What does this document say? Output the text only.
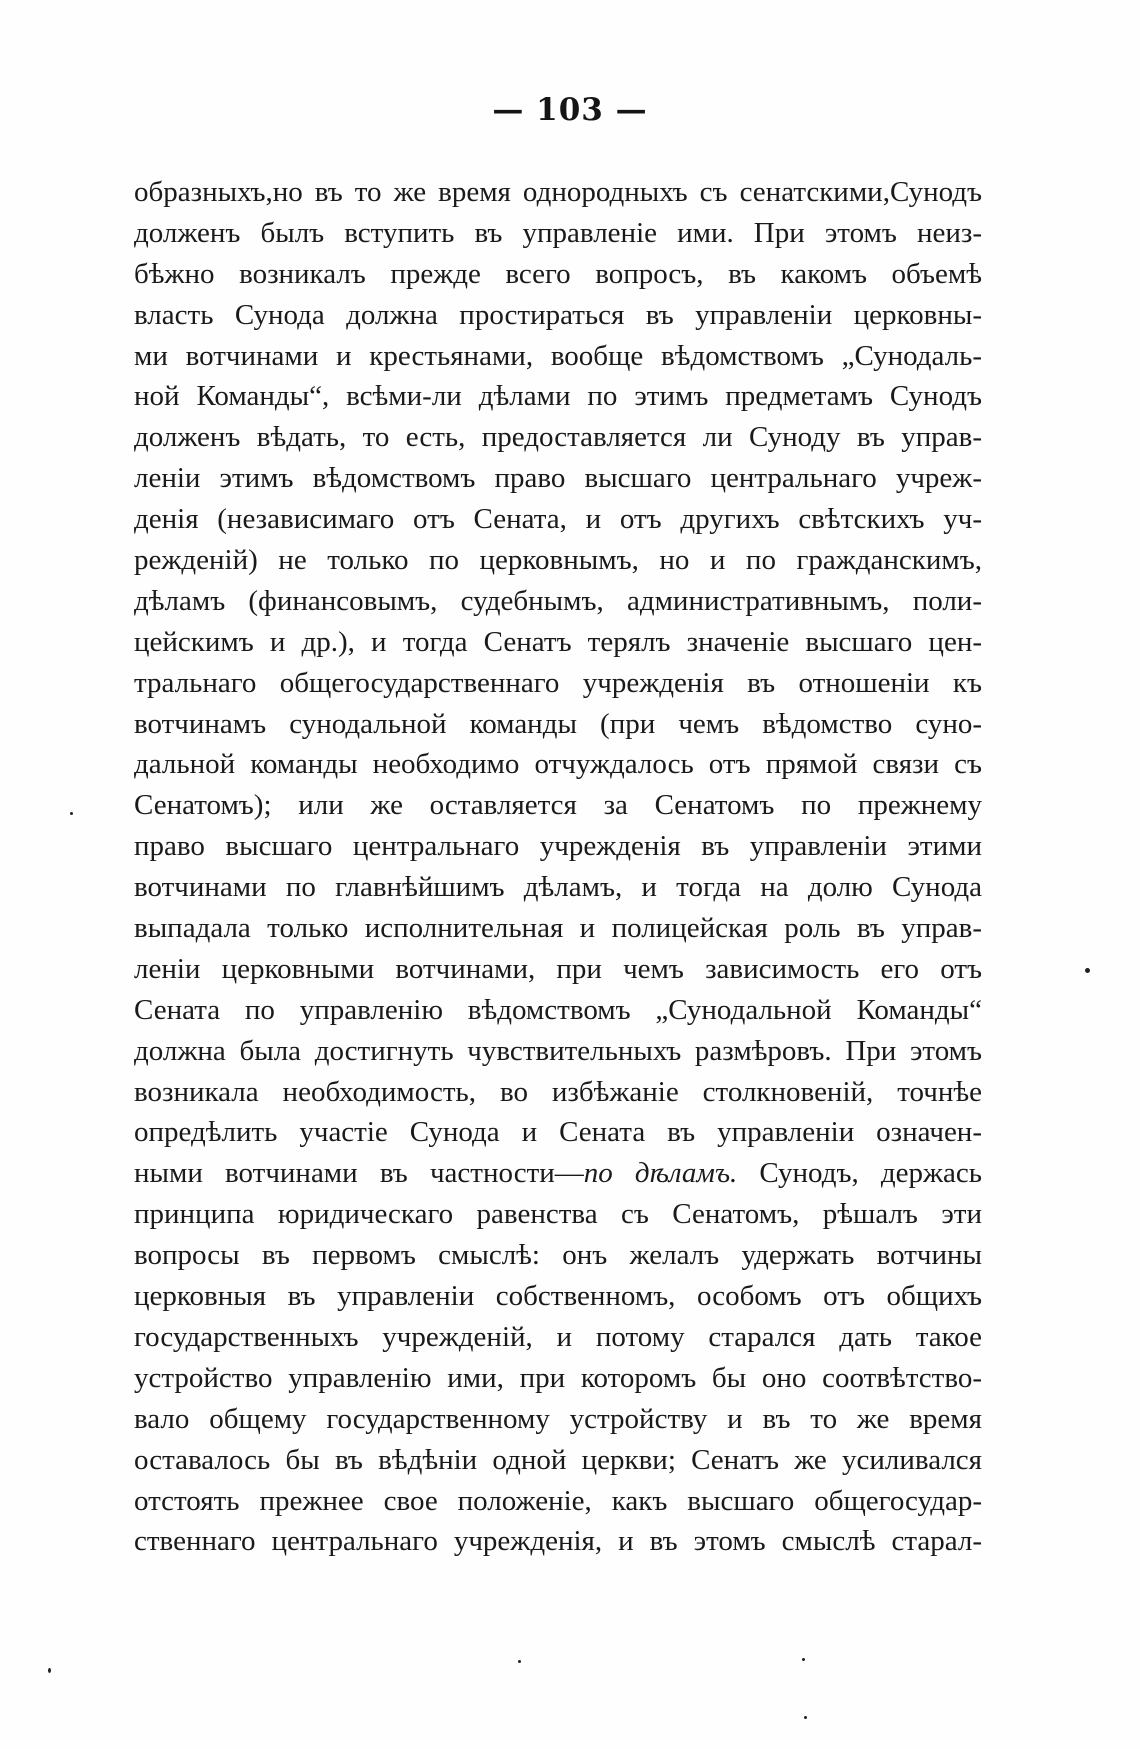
— 103 —
образныхъ,но въ то же время однородныхъ съ сенатскими,Сунодъ
долженъ былъ вступить въ управленіе ими. При этомъ неиз-
бѣжно возникалъ прежде всего вопросъ, въ какомъ объемѣ
власть Сунода должна простираться въ управленіи церковны-
ми вотчинами и крестьянами, вообще вѣдомствомъ „Сунодаль-
ной Команды“, всѣми-ли дѣлами по этимъ предметамъ Сунодъ
долженъ вѣдать, то есть, предоставляется ли Суноду въ управ-
леніи этимъ вѣдомствомъ право высшаго центральнаго учреж-
денія (независимаго отъ Сената, и отъ другихъ свѣтскихъ уч-
режденій) не только по церковнымъ, но и по гражданскимъ,
дѣламъ (финансовымъ, судебнымъ, административнымъ, поли-
цейскимъ и др.), и тогда Сенатъ терялъ значеніе высшаго цен-
тральнаго общегосударственнаго учрежденія въ отношеніи къ
вотчинамъ сунодальной команды (при чемъ вѣдомство суно-
дальной команды необходимо отчуждалось отъ прямой связи съ
Сенатомъ); или же оставляется за Сенатомъ по прежнему
право высшаго центральнаго учрежденія въ управленіи этими
вотчинами по главнѣйшимъ дѣламъ, и тогда на долю Сунода
выпадала только исполнительная и полицейская роль въ управ-
леніи церковными вотчинами, при чемъ зависимость его отъ
Сената по управленію вѣдомствомъ „Сунодальной Команды“
должна была достигнуть чувствительныхъ размѣровъ. При этомъ
возникала необходимость, во избѣжаніе столкновеній, точнѣе
опредѣлить участіе Сунода и Сената въ управленіи означен-
ными вотчинами въ частности—по дѣламъ. Сунодъ, держась
принципа юридическаго равенства съ Сенатомъ, рѣшалъ эти
вопросы въ первомъ смыслѣ: онъ желалъ удержать вотчины
церковныя въ управленіи собственномъ, особомъ отъ общихъ
государственныхъ учрежденій, и потому старался дать такое
устройство управленію ими, при которомъ бы оно соотвѣтство-
вало общему государственному устройству и въ то же время
оставалось бы въ вѣдѣніи одной церкви; Сенатъ же усиливался
отстоять прежнее свое положеніе, какъ высшаго общегосудар-
ственнаго центральнаго учрежденія, и въ этомъ смыслѣ старал-
